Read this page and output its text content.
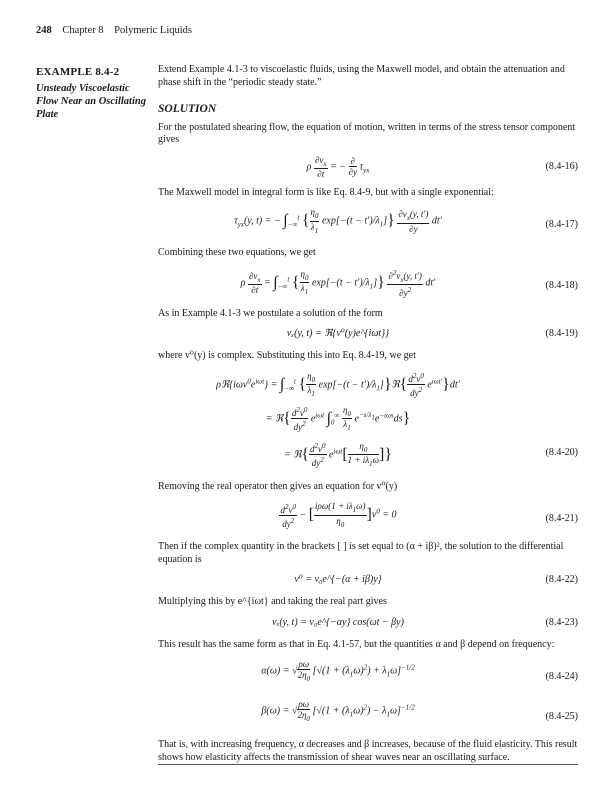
248 Chapter 8 Polymeric Liquids
EXAMPLE 8.4-2
Unsteady Viscoelastic Flow Near an Oscillating Plate

Extend Example 4.1-3 to viscoelastic fluids, using the Maxwell model, and obtain the attenuation and phase shift in the “periodic steady state.”

SOLUTION

For the postulated shearing flow, the equation of motion, written in terms of the stress tensor component gives

ρ $\frac{\partial v_x}{\partial t}$ = − $\frac{\partial}{\partial y} \tau_{yx}$	(8.4-16)

The Maxwell model in integral form is like Eq. 8.4-9, but with a single exponential:

$\tau_{yx}(y$, t) = − $\int_{-\infty}^t$ { $\frac{\eta_0}{\lambda_1} \exp[-(t - t')/\lambda_1]\} \frac{\partial v_x(y, t')}{\partial y} dt'$	(8.4-17)

Combining these two equations, we get

ρ $\frac{\partial v_x}{\partial t} = \int_{-\infty}^t$ { $\frac{\eta_0}{\lambda_1} \exp[-(t - t')/\lambda_1]\} \frac{\partial^2v_x(y, t')}{\partial y^2} dt'$	(8.4-18)

As in Example 4.1-3 we postulate a solution of the form

vₓ(y, t) = ℜ{v⁰(y)e^{iωt}}	(8.4-19)

where v⁰(y) is complex. Substituting this into Eq. 8.4-19, we get

$\rho ℜ\{i\omega v^0e^{i\omega t}\} = \int_{-\infty}^t$ { $\frac{\eta_0}{\lambda_1} \exp[-(t$ − $t')/\lambda_1]\}ℜ\{ \frac{d^2v^0}{dy^2} e^{i\omega t'}\}dt'$
= ℜ{ $\frac{d^2v^0}{dy^2} e^{i\omega t}$ $\int_0^\infty \frac{\eta_0}{\lambda_1} e^{-s/\lambda_1}e^{-i\omega s}ds$}
= ℜ{ $\frac{d^2v^0}{dy^2} e^{i\omega t}[ \frac{\eta_0}{1 + i\lambda_1\omega}$ ]}	(8.4-20)

Removing the real operator then gives an equation for v⁰(y)

$\frac{d^2v^0}{dy^2}$ − [ $\frac{i\rho\omega(1 + i\lambda_1\omega)}{\eta_0} ]v^0 = 0$	(8.4-21)

Then if the complex quantity in the brackets [ ] is set equal to (α + iβ)², the solution to the differential equation is

v⁰ = v₀e^{−(α + iβ)y}	(8.4-22)

Multiplying this by e^{iωt} and taking the real part gives

vₓ(y, t) = v₀e^{−αy} cos(ωt − βy)	(8.4-23)

This result has the same form as that in Eq. 4.1-57, but the quantities α and β depend on frequency:

α(ω) = √ $\frac{\rho\omega}{2\eta_0} [√(1 + (\lambda_1\omega)^2) + \lambda_1\omega]^{-1/2}$
(8.4-24)
β(ω) = √ $\frac{\rho\omega}{2\eta_0} [√(1 + (\lambda_1\omega)^2) - \lambda_1\omega]^{-1/2}$
(8.4-25)

That is, with increasing frequency, α decreases and β increases, because of the fluid elasticity. This result shows how elasticity affects the transmission of shear waves near an oscillating surface.
